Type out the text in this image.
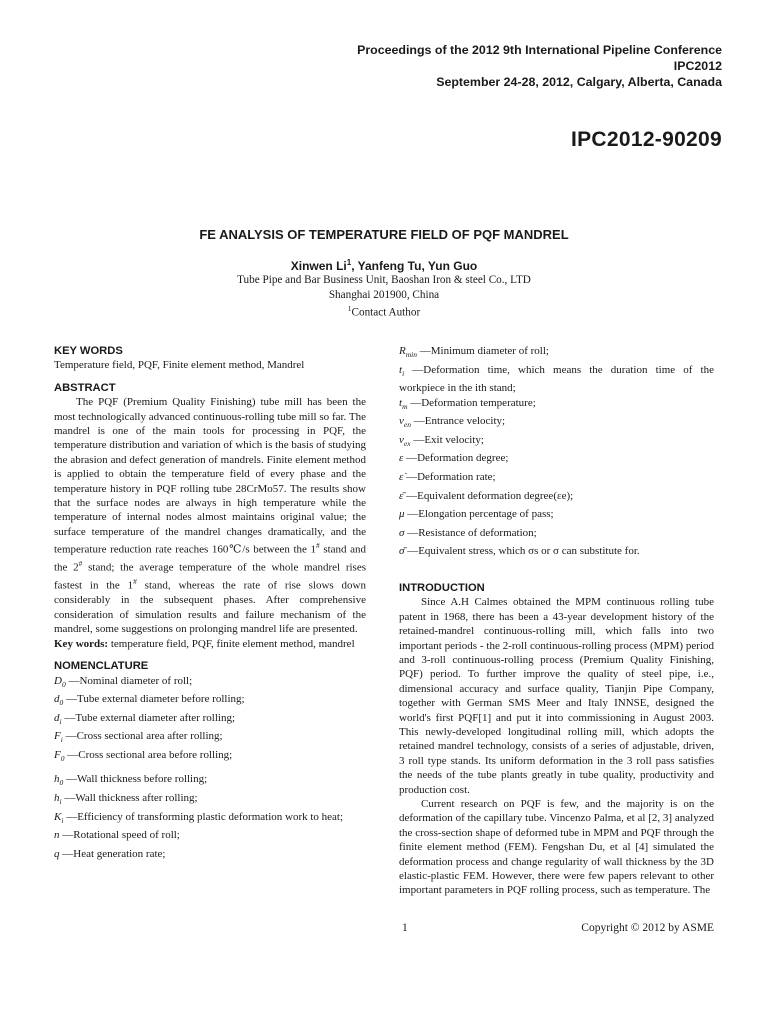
Proceedings of the 2012 9th International Pipeline Conference
IPC2012
September 24-28, 2012, Calgary, Alberta, Canada
IPC2012-90209
FE ANALYSIS OF TEMPERATURE FIELD OF PQF MANDREL
Xinwen Li$^1$, Yanfeng Tu, Yun Guo
Tube Pipe and Bar Business Unit, Baoshan Iron & steel Co., LTD
Shanghai 201900, China
$^1$Contact Author
KEY WORDS

Temperature field, PQF, Finite element method, Mandrel

ABSTRACT

The PQF (Premium Quality Finishing) tube mill has been the most technologically advanced continuous-rolling tube mill so far. The mandrel is one of the main tools for processing in PQF, the temperature distribution and variation of which is the basis of studying the abrasion and defect generation of mandrels. Finite element method is applied to obtain the temperature field of every phase and the temperature history in PQF rolling tube 28CrMo57. The results show that the surface nodes are always in high temperature while the temperature of internal nodes almost maintains original value; the surface temperature of the mandrel changes dramatically, and the temperature reduction rate reaches 160℃/s between the 1# stand and the 2# stand; the average temperature of the whole mandrel rises fastest in the 1# stand, whereas the rate of rise slows down considerably in the subsequent phases. After comprehensive consideration of simulation results and failure mechanism of the mandrel, some suggestions on prolonging mandrel life are presented.

Key words: temperature field, PQF, finite element method, mandrel

NOMENCLATURE

$D_0$ —Nominal diameter of roll;

$d_0$ —Tube external diameter before rolling;

$d_i$ —Tube external diameter after rolling;

$F_i$ —Cross sectional area after rolling;

$F_0$ —Cross sectional area before rolling;

$h_0$ —Wall thickness before rolling;

$h_i$ —Wall thickness after rolling;

$K_i$ —Efficiency of transforming plastic deformation work to heat;

n —Rotational speed of roll;

q —Heat generation rate;

$R_{min}$ —Minimum diameter of roll;

$t_i$ —Deformation time, which means the duration time of the workpiece in the ith stand;

$t_m$ —Deformation temperature;

$v_{en}$ —Entrance velocity;

$v_{ex}$ —Exit velocity;

ε —Deformation degree;

ε̇ —Deformation rate;

ε̄ —Equivalent deformation degree(εe);

μ —Elongation percentage of pass;

σ —Resistance of deformation;

σ̄ —Equivalent stress, which σs or σ can substitute for.

INTRODUCTION

Since A.H Calmes obtained the MPM continuous rolling tube patent in 1968, there has been a 43-year development history of the retained-mandrel continuous-rolling mill, which falls into two important periods - the 2-roll continuous-rolling process (MPM) period and 3-roll continuous-rolling process (Premium Quality Finishing, PQF) period. To further improve the quality of steel pipe, i.e., dimensional accuracy and surface quality, Tianjin Pipe Company, together with German SMS Meer and Italy INNSE, designed the world's first PQF[1] and put it into commissioning in August 2003. This newly-developed longitudinal rolling mill, which adopts the retained mandrel technology, consists of a series of adjustable, driven, 3 roll type stands. Its uniform deformation in the 3 roll pass satisfies the needs of the tube plants greatly in tube quality, productivity and production cost.

Current research on PQF is few, and the majority is on the deformation of the capillary tube. Vincenzo Palma, et al [2, 3] analyzed the cross-section shape of deformed tube in MPM and PQF through the finite element method (FEM). Fengshan Du, et al [4] simulated the deformation process and change regularity of wall thickness by the 3D elastic-plastic FEM. However, there were few papers relevant to other important parameters in PQF rolling process, such as temperature. The

1	Copyright © 2012 by ASME
